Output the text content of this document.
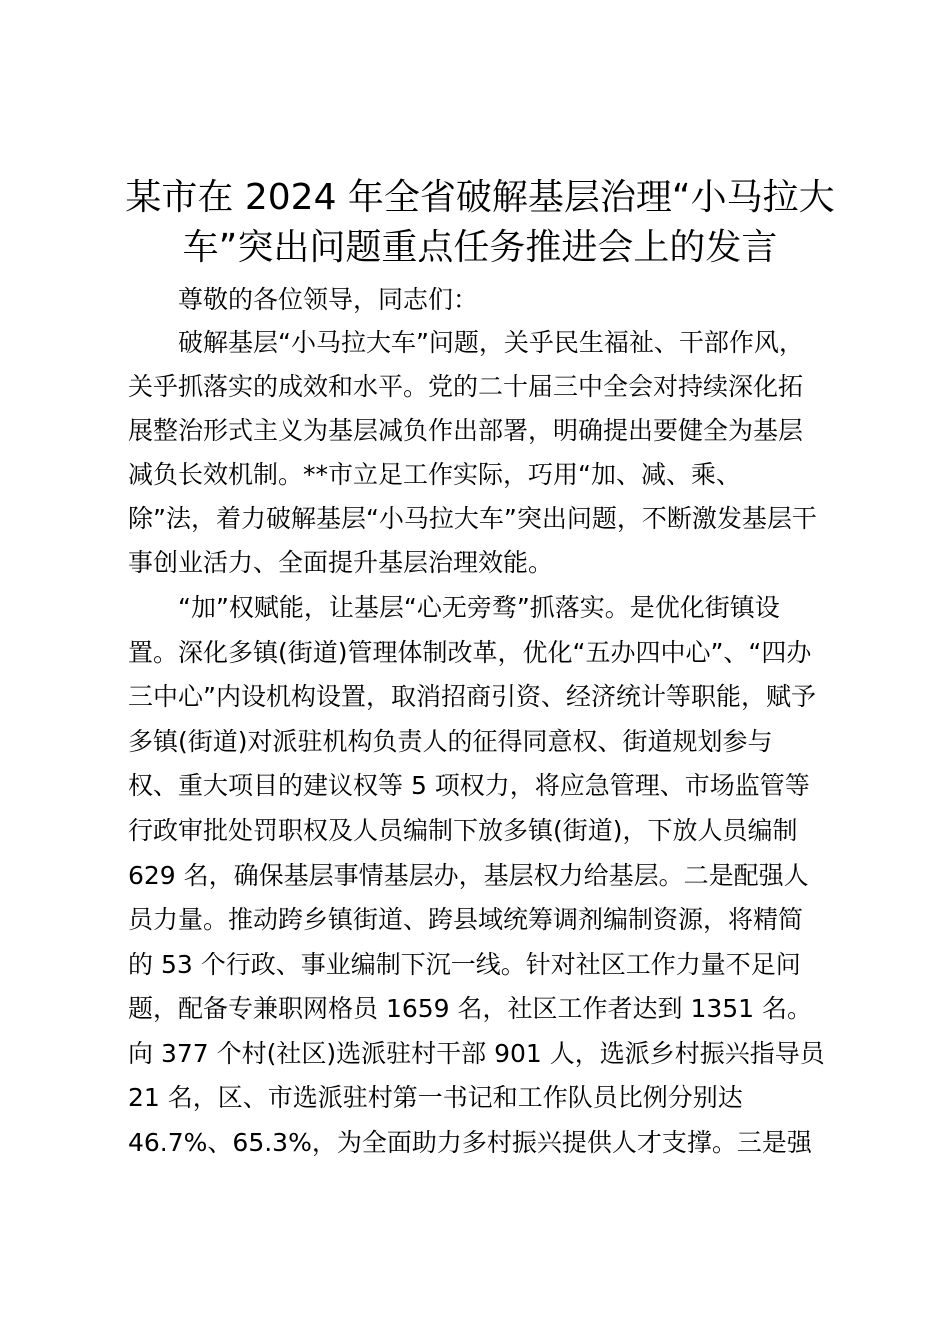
某市在 2024 年全省破解基层治理“小马拉大
车”突出问题重点任务推进会上的发言

尊敬的各位领导，同志们：

破解基层“小马拉大车”问题，关乎民生福祉、干部作风，

关乎抓落实的成效和水平。党的二十届三中全会对持续深化拓

展整治形式主义为基层减负作出部署，明确提出要健全为基层

减负长效机制。**市立足工作实际，巧用“加、减、乘、

除”法，着力破解基层“小马拉大车”突出问题，不断激发基层干

事创业活力、全面提升基层治理效能。

“加”权赋能，让基层“心无旁骛”抓落实。是优化街镇设

置。深化多镇(街道)管理体制改革，优化“五办四中心”、“四办

三中心”内设机构设置，取消招商引资、经济统计等职能，赋予

多镇(街道)对派驻机构负责人的征得同意权、街道规划参与

权、重大项目的建议权等 5 项权力，将应急管理、市场监管等

行政审批处罚职权及人员编制下放多镇(街道)，下放人员编制

629 名，确保基层事情基层办，基层权力给基层。二是配强人

员力量。推动跨乡镇街道、跨县域统筹调剂编制资源，将精简

的 53 个行政、事业编制下沉一线。针对社区工作力量不足问

题，配备专兼职网格员 1659 名，社区工作者达到 1351 名。

向 377 个村(社区)选派驻村干部 901 人，选派乡村振兴指导员

21 名，区、市选派驻村第一书记和工作队员比例分别达

46.7%、65.3%，为全面助力多村振兴提供人才支撑。三是强
